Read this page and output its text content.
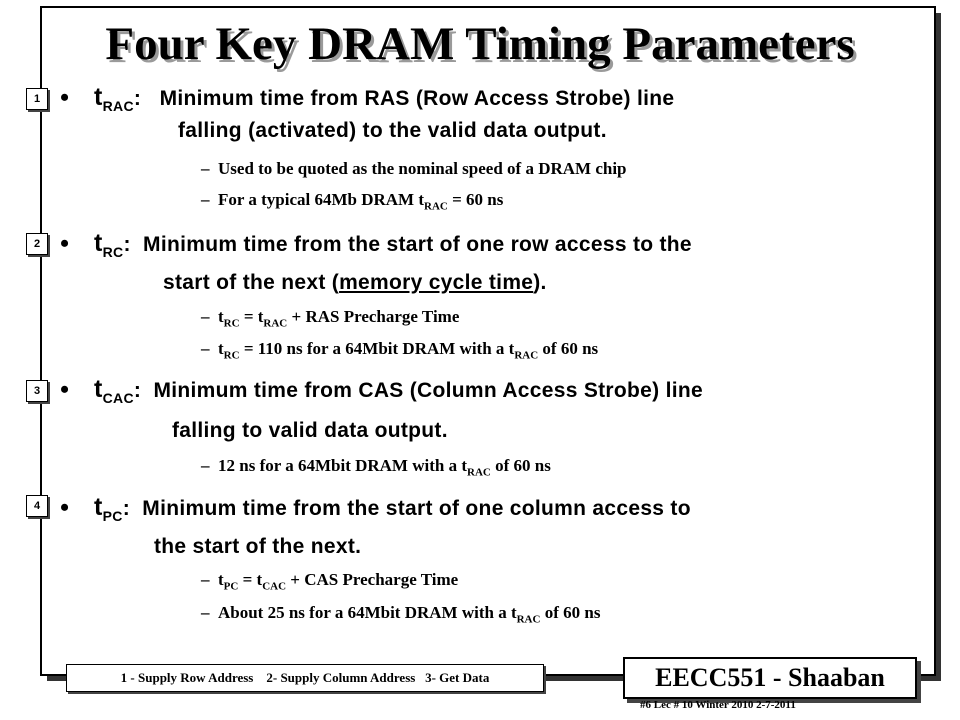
Four Key DRAM Timing Parameters
1
2
3
4
• $t_{RAC}$: Minimum time from RAS (Row Access Strobe) line
falling (activated) to the valid data output.
– Used to be quoted as the nominal speed of a DRAM chip
– For a typical 64Mb DRAM $t_{RAC} = 60$ ns
• $t_{RC}$: Minimum time from the start of one row access to the
start of the next (memory cycle time).
– $t_{RC} = t_{RAC}$ + RAS Precharge Time
– $t_{RC} = 110$ ns for a 64Mbit DRAM with a $t_{RAC}$ of 60 ns
• $t_{CAC}$: Minimum time from CAS (Column Access Strobe) line
falling to valid data output.
– 12 ns for a 64Mbit DRAM with a $t_{RAC}$ of 60 ns
• $t_{PC}$: Minimum time from the start of one column access to
the start of the next.
– $t_{PC} = t_{CAC}$ + CAS Precharge Time
– About 25 ns for a 64Mbit DRAM with a $t_{RAC}$ of 60 ns
1 - Supply Row Address    2- Supply Column Address   3- Get Data	EECC551 - Shaaban
#6 Lec # 10 Winter 2010 2-7-2011
